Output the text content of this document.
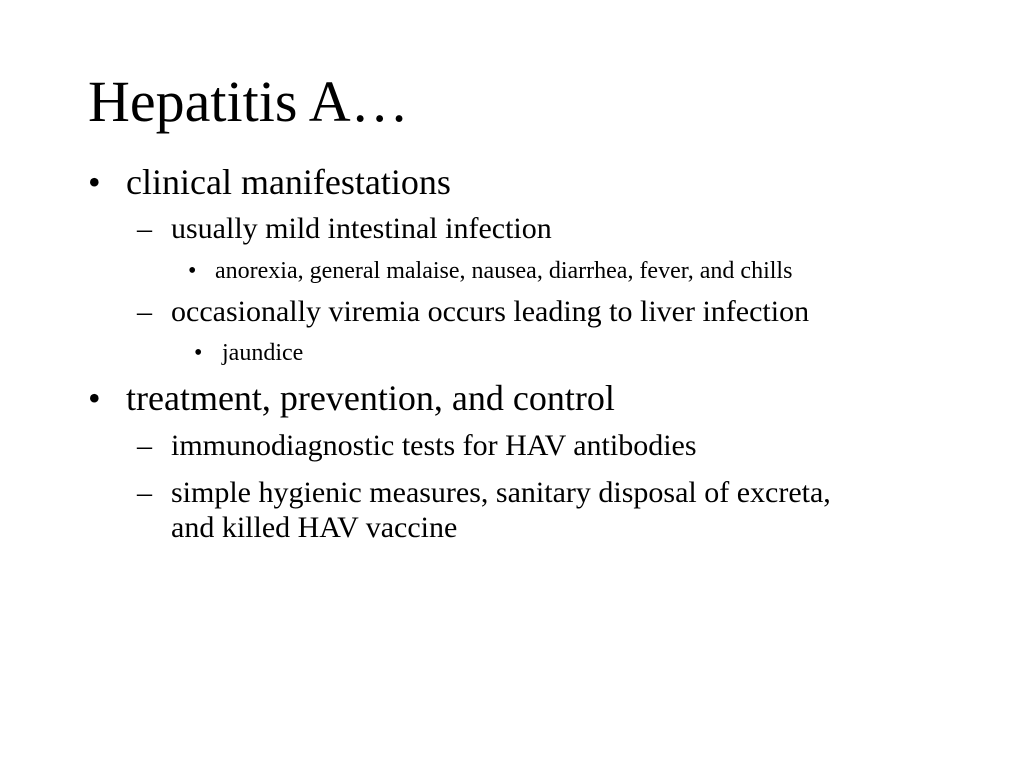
Hepatitis A…
• clinical manifestations
– usually mild intestinal infection
• anorexia, general malaise, nausea, diarrhea, fever, and chills
– occasionally viremia occurs leading to liver infection
• jaundice
• treatment, prevention, and control
– immunodiagnostic tests for HAV antibodies
– simple hygienic measures, sanitary disposal of excreta,
and killed HAV vaccine
